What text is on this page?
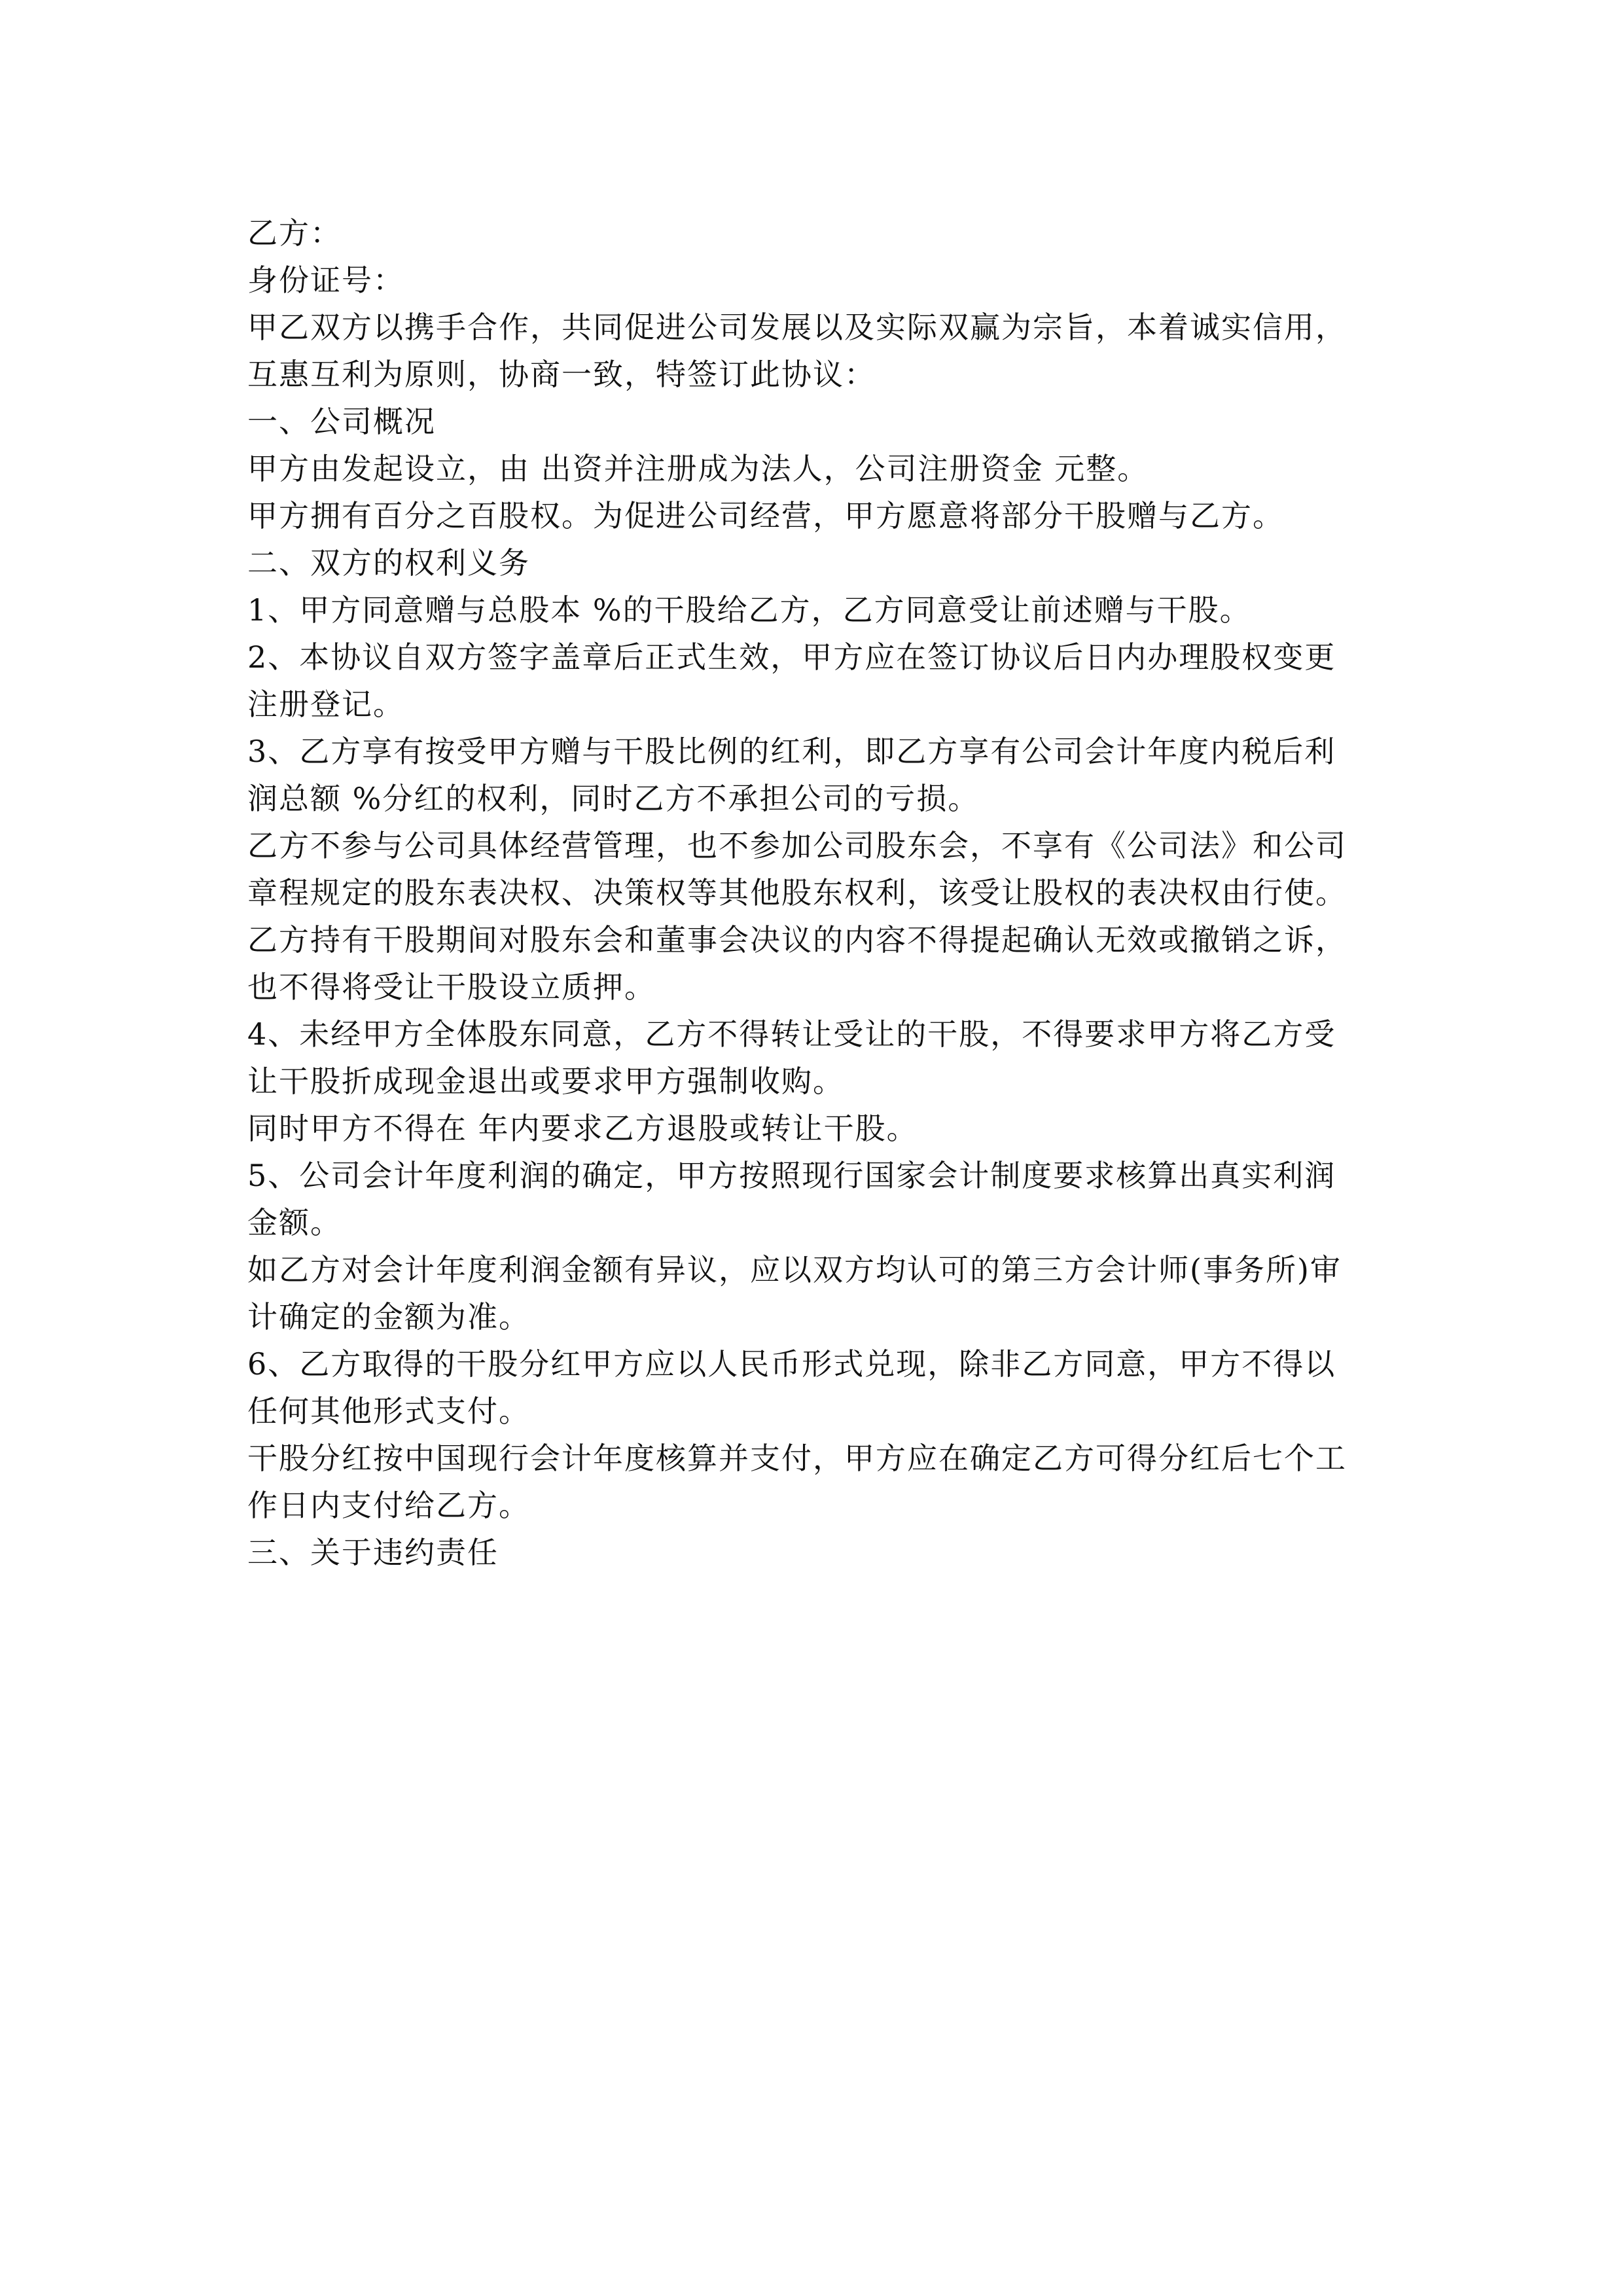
乙方：

身份证号：

甲乙双方以携手合作，共同促进公司发展以及实际双赢为宗旨，本着诚实信用，

互惠互利为原则，协商一致，特签订此协议：

一、公司概况

甲方由发起设立，由 出资并注册成为法人，公司注册资金 元整。

甲方拥有百分之百股权。为促进公司经营，甲方愿意将部分干股赠与乙方。

二、双方的权利义务

1、甲方同意赠与总股本 %的干股给乙方，乙方同意受让前述赠与干股。

2、本协议自双方签字盖章后正式生效，甲方应在签订协议后日内办理股权变更

注册登记。

3、乙方享有按受甲方赠与干股比例的红利，即乙方享有公司会计年度内税后利

润总额 %分红的权利，同时乙方不承担公司的亏损。

乙方不参与公司具体经营管理，也不参加公司股东会，不享有《公司法》和公司

章程规定的股东表决权、决策权等其他股东权利，该受让股权的表决权由行使。

乙方持有干股期间对股东会和董事会决议的内容不得提起确认无效或撤销之诉，

也不得将受让干股设立质押。

4、未经甲方全体股东同意，乙方不得转让受让的干股，不得要求甲方将乙方受

让干股折成现金退出或要求甲方强制收购。

同时甲方不得在 年内要求乙方退股或转让干股。

5、公司会计年度利润的确定，甲方按照现行国家会计制度要求核算出真实利润

金额。

如乙方对会计年度利润金额有异议，应以双方均认可的第三方会计师(事务所)审

计确定的金额为准。

6、乙方取得的干股分红甲方应以人民币形式兑现，除非乙方同意，甲方不得以

任何其他形式支付。

干股分红按中国现行会计年度核算并支付，甲方应在确定乙方可得分红后七个工

作日内支付给乙方。

三、关于违约责任
